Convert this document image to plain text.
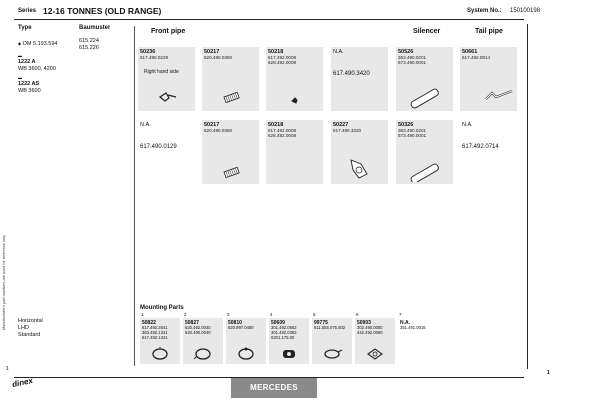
Series 12-16 TONNES (OLD RANGE)	System No.: 150100198
Manufacturer's part numbers are used for reference only
1
1
Type	Baumuster
◆ OM 5.193.594
▬
1222 A
WB 3600, 4200
▬
1222 AS
WB 3600
615.224
615.226
Horizontal
LHD
Standard
Front pipe	Silencer	Tail pipe
50236
617.490.0229
Right hand side
50217
620.490.0360
50218
617.492.0008
628.492.0008
N.A.
617.490.3420
50526
363.490.0201
673.490.0001
50661
617.492.0814
N.A.
617.490.0129
50217
620.490.0360
50218
617.492.0008
628.492.0008
50227
617.490.3320
50326
363.490.0201
673.490.0001
N.A.
617.492.0714
Mounting Parts
1
50822
617.492.2641
363.492.1341
617.492.1341
2
50827
620.492.0040
620.490.0040
3
50810
620.997.0490
4
50609
301.492.0662
301.492.0362
0201.175.00
5
99775
611.555.075.502
6
50903
302.490.0080
442.492.0080
7
N.A.
351.491.0016
dinex	MERCEDES
